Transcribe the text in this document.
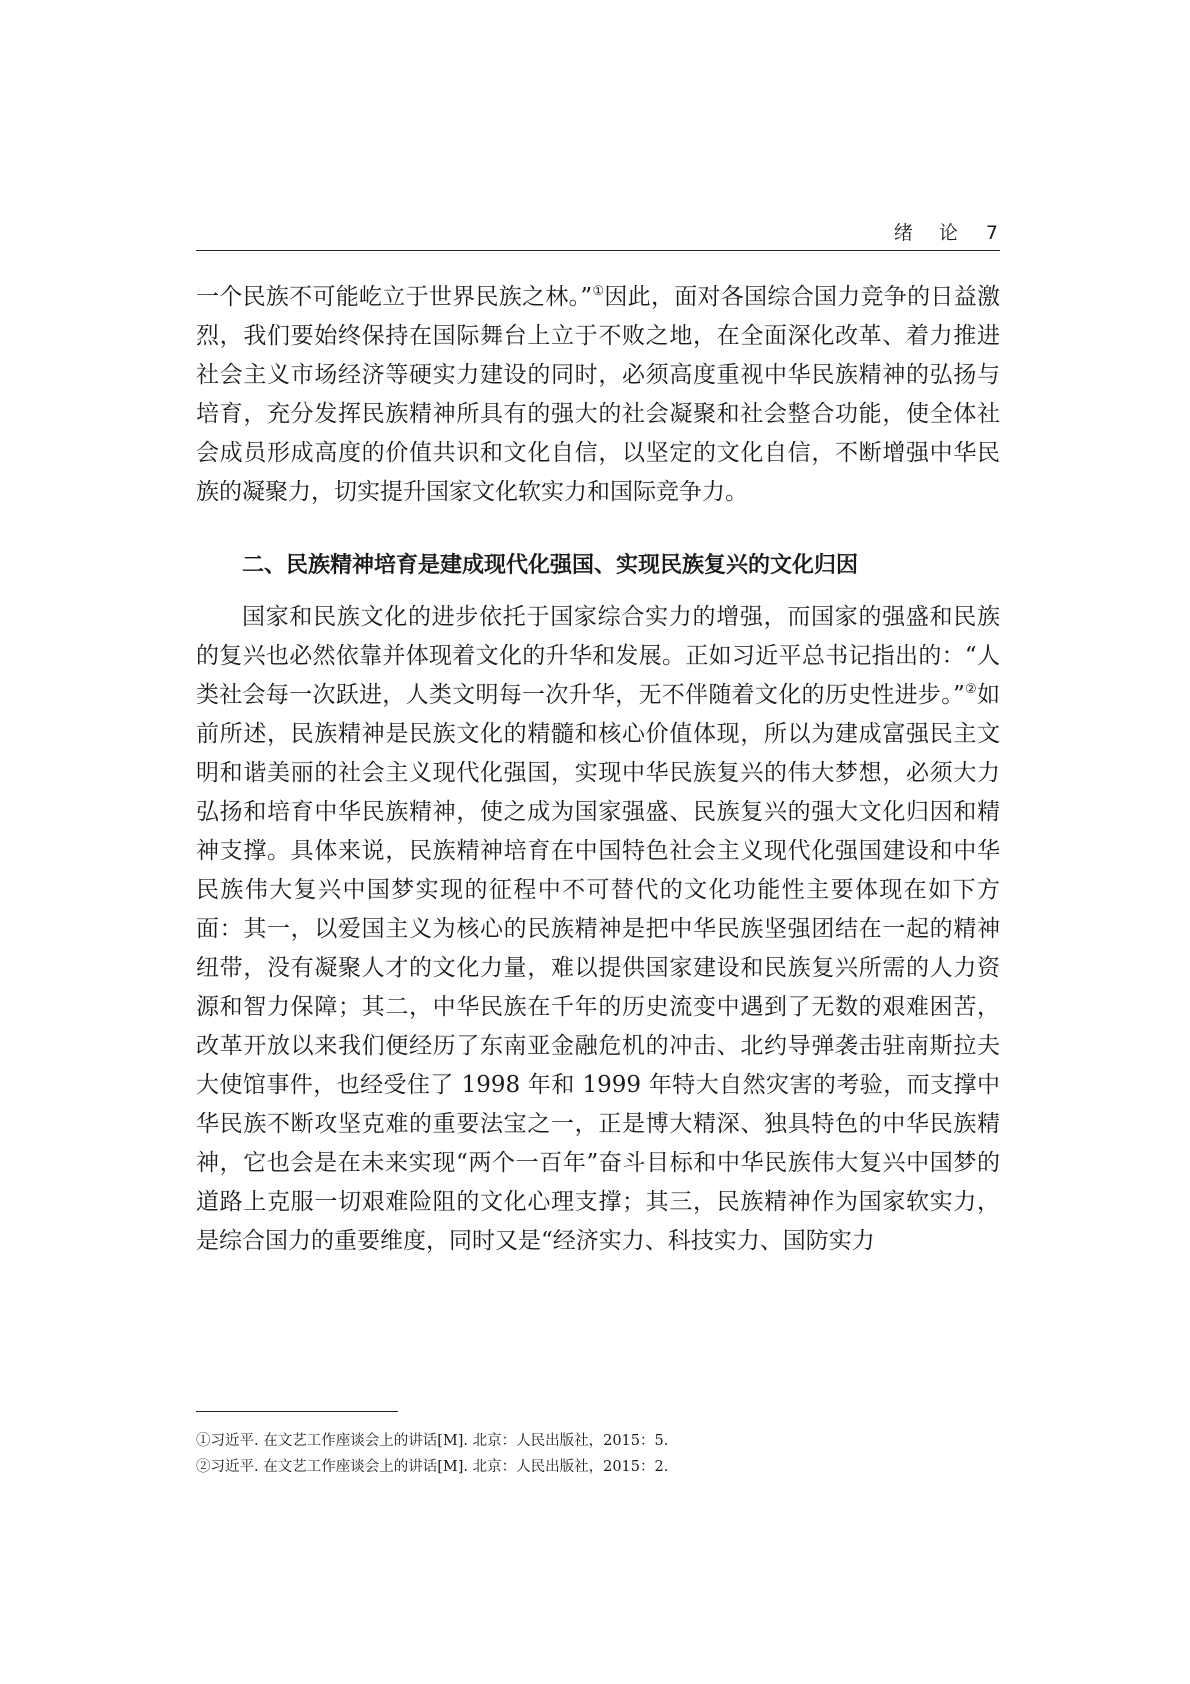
绪 论 7

一个民族不可能屹立于世界民族之林。”①因此，面对各国综合国力竞争的日益激烈，我们要始终保持在国际舞台上立于不败之地，在全面深化改革、着力推进社会主义市场经济等硬实力建设的同时，必须高度重视中华民族精神的弘扬与培育，充分发挥民族精神所具有的强大的社会凝聚和社会整合功能，使全体社会成员形成高度的价值共识和文化自信，以坚定的文化自信，不断增强中华民族的凝聚力，切实提升国家文化软实力和国际竞争力。

二、民族精神培育是建成现代化强国、实现民族复兴的文化归因

国家和民族文化的进步依托于国家综合实力的增强，而国家的强盛和民族的复兴也必然依靠并体现着文化的升华和发展。正如习近平总书记指出的：“人类社会每一次跃进，人类文明每一次升华，无不伴随着文化的历史性进步。”②如前所述，民族精神是民族文化的精髓和核心价值体现，所以为建成富强民主文明和谐美丽的社会主义现代化强国，实现中华民族复兴的伟大梦想，必须大力弘扬和培育中华民族精神，使之成为国家强盛、民族复兴的强大文化归因和精神支撑。具体来说，民族精神培育在中国特色社会主义现代化强国建设和中华民族伟大复兴中国梦实现的征程中不可替代的文化功能性主要体现在如下方面：其一，以爱国主义为核心的民族精神是把中华民族坚强团结在一起的精神纽带，没有凝聚人才的文化力量，难以提供国家建设和民族复兴所需的人力资源和智力保障；其二，中华民族在千年的历史流变中遇到了无数的艰难困苦，改革开放以来我们便经历了东南亚金融危机的冲击、北约导弹袭击驻南斯拉夫大使馆事件，也经受住了 1998 年和 1999 年特大自然灾害的考验，而支撑中华民族不断攻坚克难的重要法宝之一，正是博大精深、独具特色的中华民族精神，它也会是在未来实现“两个一百年”奋斗目标和中华民族伟大复兴中国梦的道路上克服一切艰难险阻的文化心理支撑；其三，民族精神作为国家软实力，是综合国力的重要维度，同时又是“经济实力、科技实力、国防实力

①习近平. 在文艺工作座谈会上的讲话[M]. 北京：人民出版社，2015：5.
②习近平. 在文艺工作座谈会上的讲话[M]. 北京：人民出版社，2015：2.
